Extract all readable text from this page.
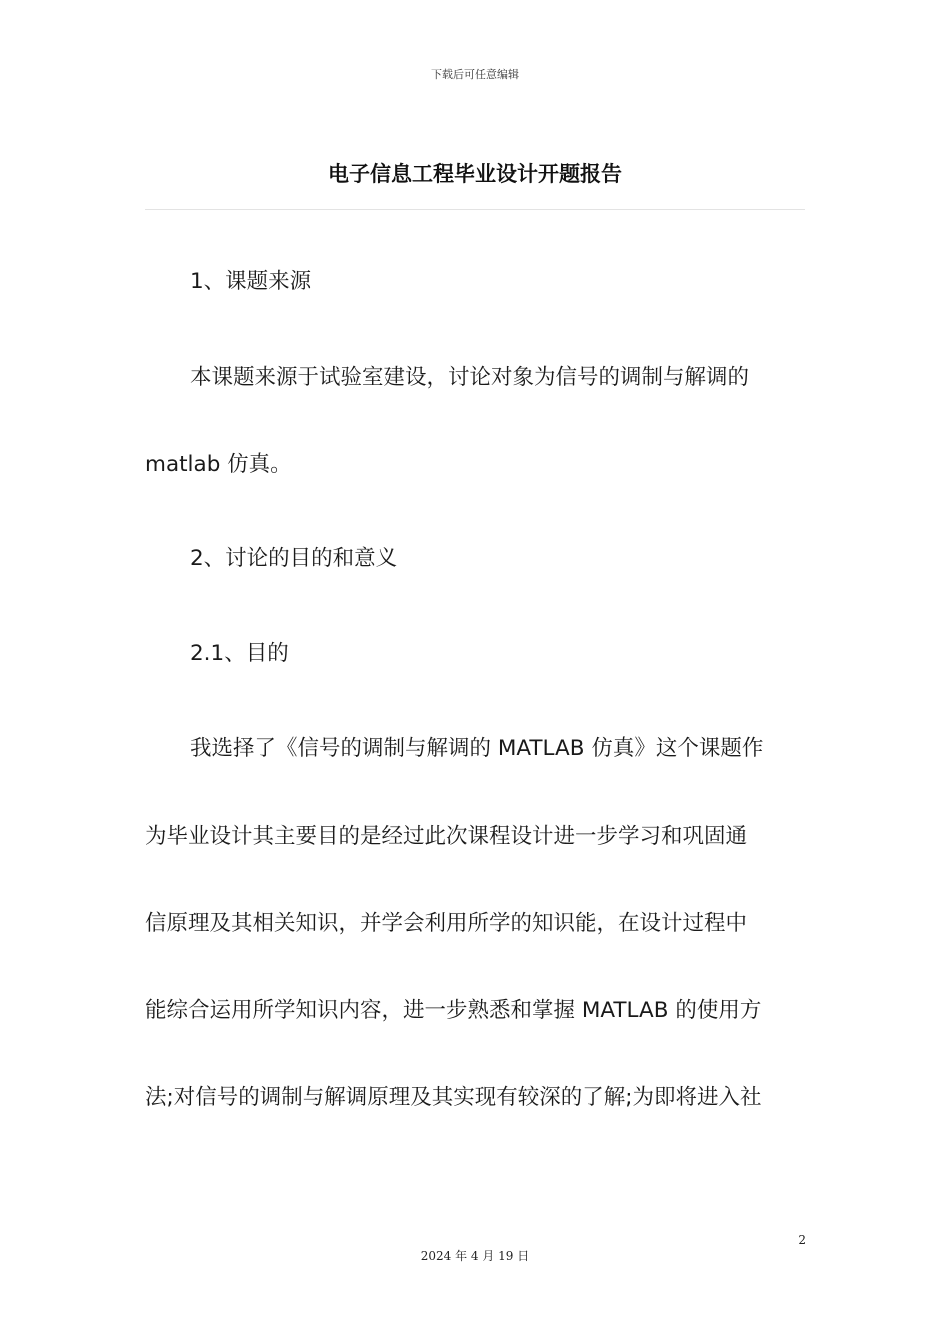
下载后可任意编辑
电子信息工程毕业设计开题报告
1、课题来源
本课题来源于试验室建设，讨论对象为信号的调制与解调的
matlab 仿真。
2、讨论的目的和意义
2.1、目的
我选择了《信号的调制与解调的 MATLAB 仿真》这个课题作
为毕业设计其主要目的是经过此次课程设计进一步学习和巩固通
信原理及其相关知识，并学会利用所学的知识能，在设计过程中
能综合运用所学知识内容，进一步熟悉和掌握 MATLAB 的使用方
法;对信号的调制与解调原理及其实现有较深的了解;为即将进入社
2
2024 年 4 月 19 日
